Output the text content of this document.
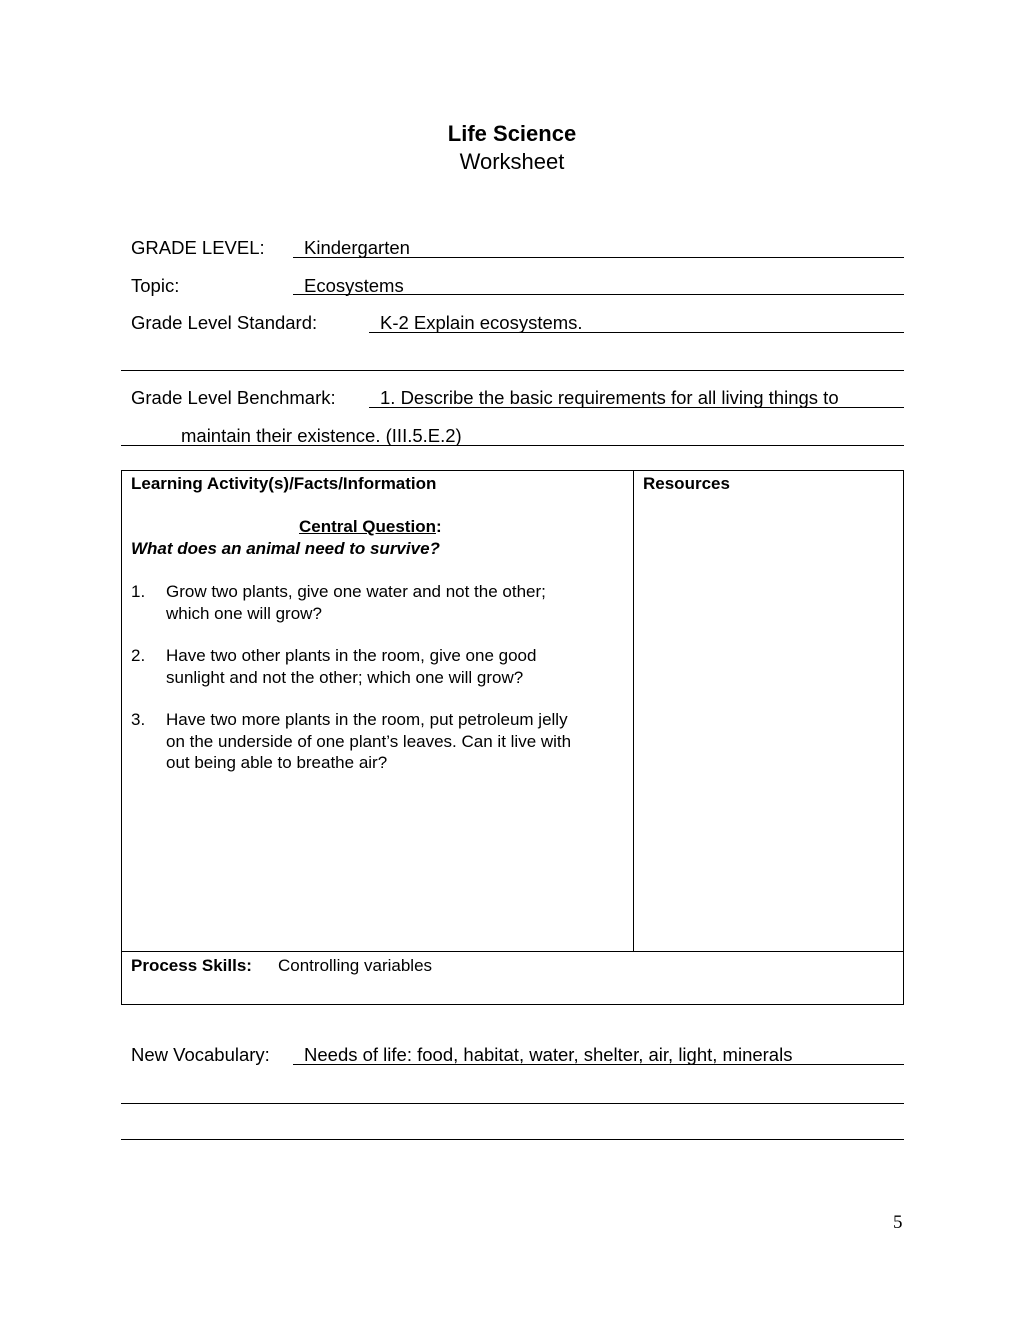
Life Science
Worksheet
GRADE LEVEL: Kindergarten
Topic:	Ecosystems
Grade Level Standard:	K-2 Explain ecosystems.
Grade Level Benchmark: 1. Describe the basic requirements for all living things to
maintain their existence. (III.5.E.2)
Learning Activity(s)/Facts/Information	Resources
Central Question:
What does an animal need to survive?
1. Grow two plants, give one water and not the other;
which one will grow?
2. Have two other plants in the room, give one good
sunlight and not the other; which one will grow?
3. Have two more plants in the room, put petroleum jelly
on the underside of one plant’s leaves. Can it live with
out being able to breathe air?
Process Skills: Controlling variables
New Vocabulary: Needs of life: food, habitat, water, shelter, air, light, minerals
5
